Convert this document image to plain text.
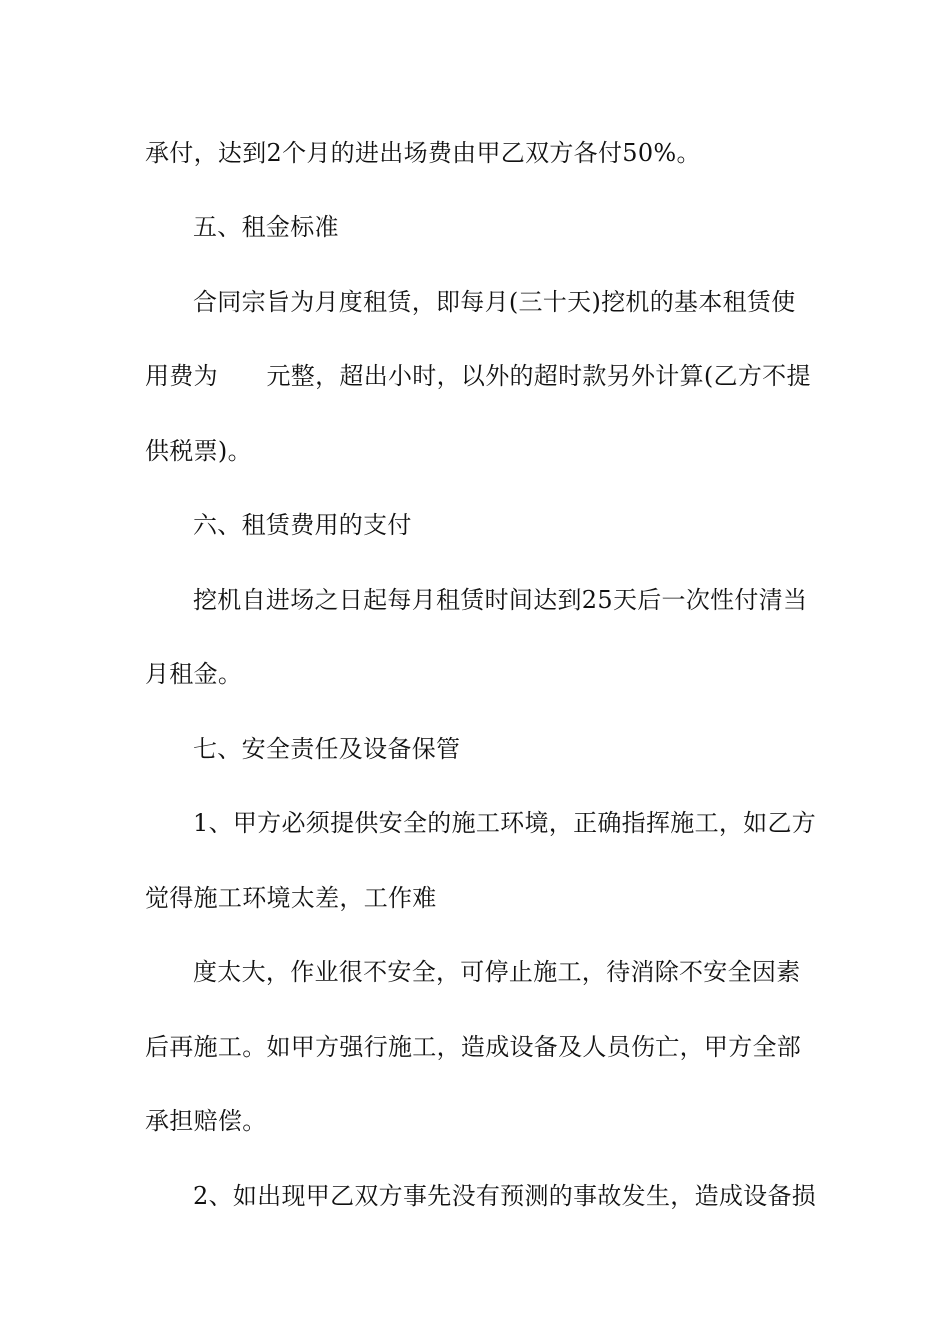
承付，达到2个月的进出场费由甲乙双方各付50%。
五、租金标准
合同宗旨为月度租赁，即每月(三十天)挖机的基本租赁使
用费为　　元整，超出小时，以外的超时款另外计算(乙方不提
供税票)。
六、租赁费用的支付
挖机自进场之日起每月租赁时间达到25天后一次性付清当
月租金。
七、安全责任及设备保管
1、甲方必须提供安全的施工环境，正确指挥施工，如乙方
觉得施工环境太差，工作难
度太大，作业很不安全，可停止施工，待消除不安全因素
后再施工。如甲方强行施工，造成设备及人员伤亡，甲方全部
承担赔偿。
2、如出现甲乙双方事先没有预测的事故发生，造成设备损
